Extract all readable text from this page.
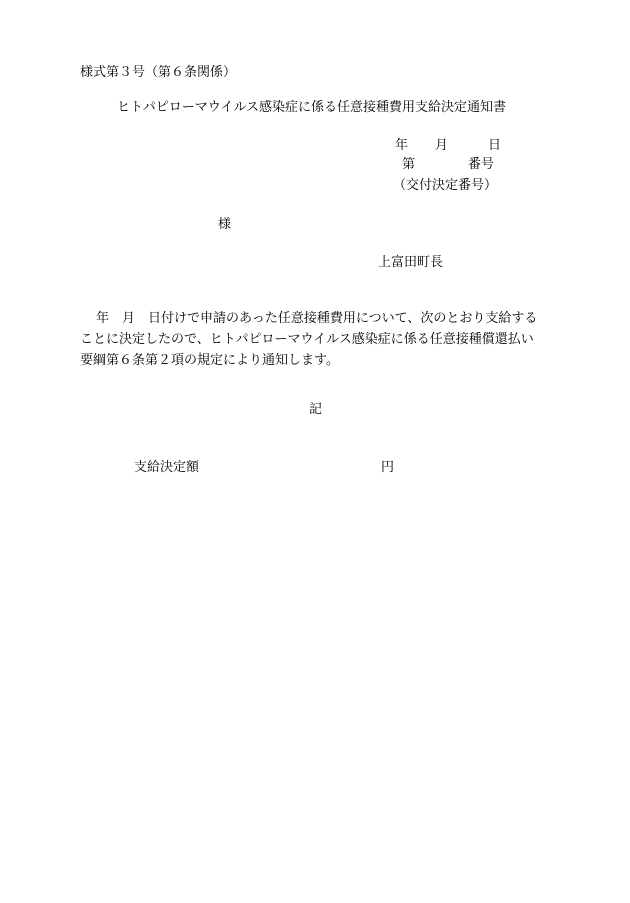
様式第３号（第６条関係）
ヒトパピローマウイルス感染症に係る任意接種費用支給決定通知書
年 月	日
第	番号
（交付決定番号）
様
上富田町長
年　月　日付けで申請のあった任意接種費用について、次のとおり支給する
ことに決定したので、ヒトパピローマウイルス感染症に係る任意接種償還払い
要綱第６条第２項の規定により通知します。
記
支給決定額	円
